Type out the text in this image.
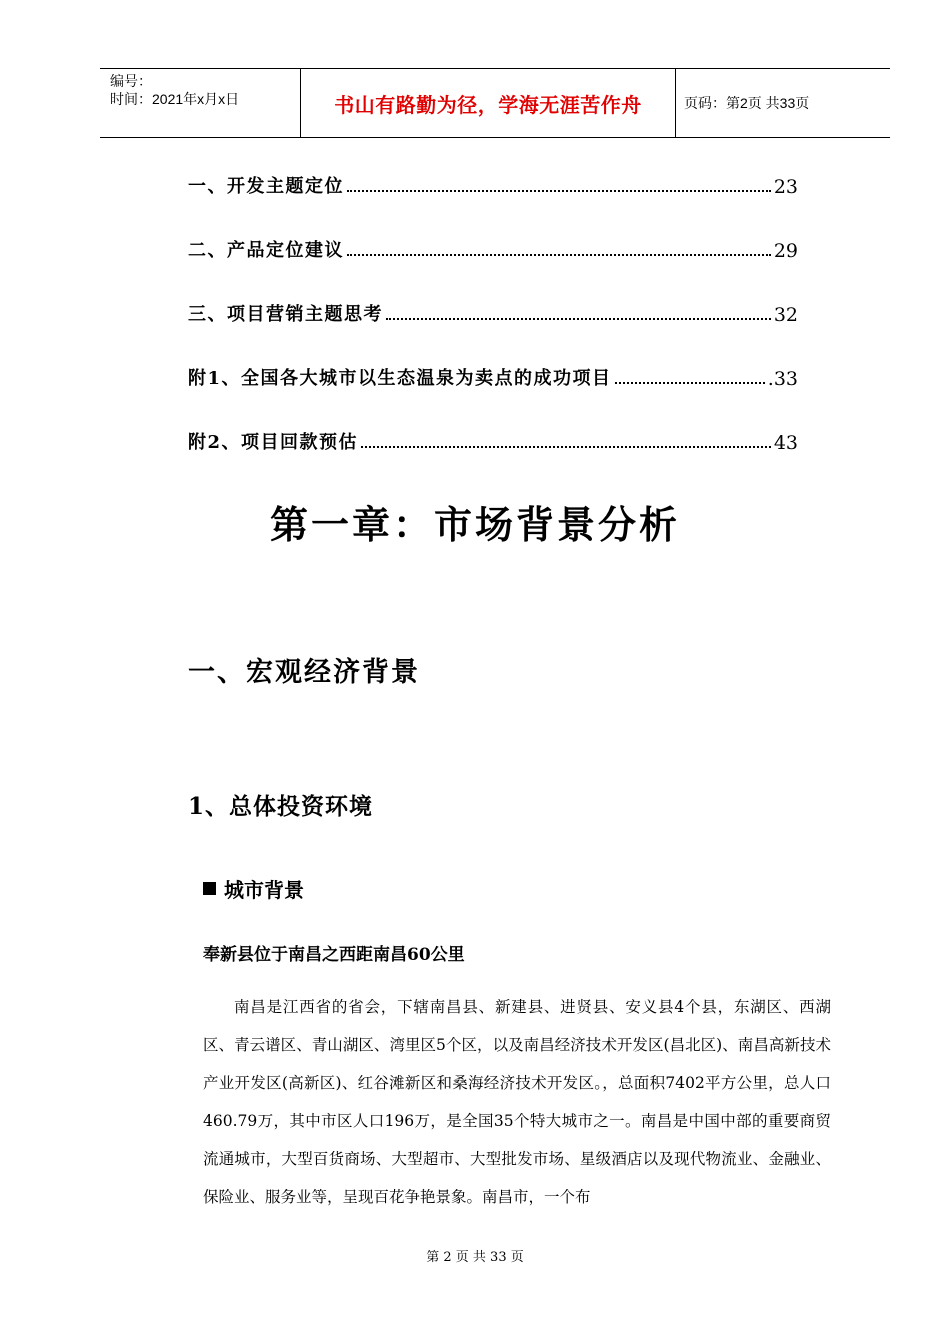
编号：
时间：2021年x月x日	书山有路勤为径，学海无涯苦作舟	页码：第2页 共33页
一、开发主题定位	23
二、产品定位建议	29
三、项目营销主题思考	32
附1、全国各大城市以生态温泉为卖点的成功项目	.33
附2、项目回款预估	43
第一章：市场背景分析
一、宏观经济背景
1、总体投资环境
城市背景
奉新县位于南昌之西距南昌60公里
南昌是江西省的省会，下辖南昌县、新建县、进贤县、安义县4个县，东湖区、西湖区、青云谱区、青山湖区、湾里区5个区，以及南昌经济技术开发区(昌北区)、南昌高新技术产业开发区(高新区)、红谷滩新区和桑海经济技术开发区。，总面积7402平方公里，总人口460.79万，其中市区人口196万，是全国35个特大城市之一。南昌是中国中部的重要商贸流通城市，大型百货商场、大型超市、大型批发市场、星级酒店以及现代物流业、金融业、保险业、服务业等，呈现百花争艳景象。南昌市，一个布
第 2 页 共 33 页
